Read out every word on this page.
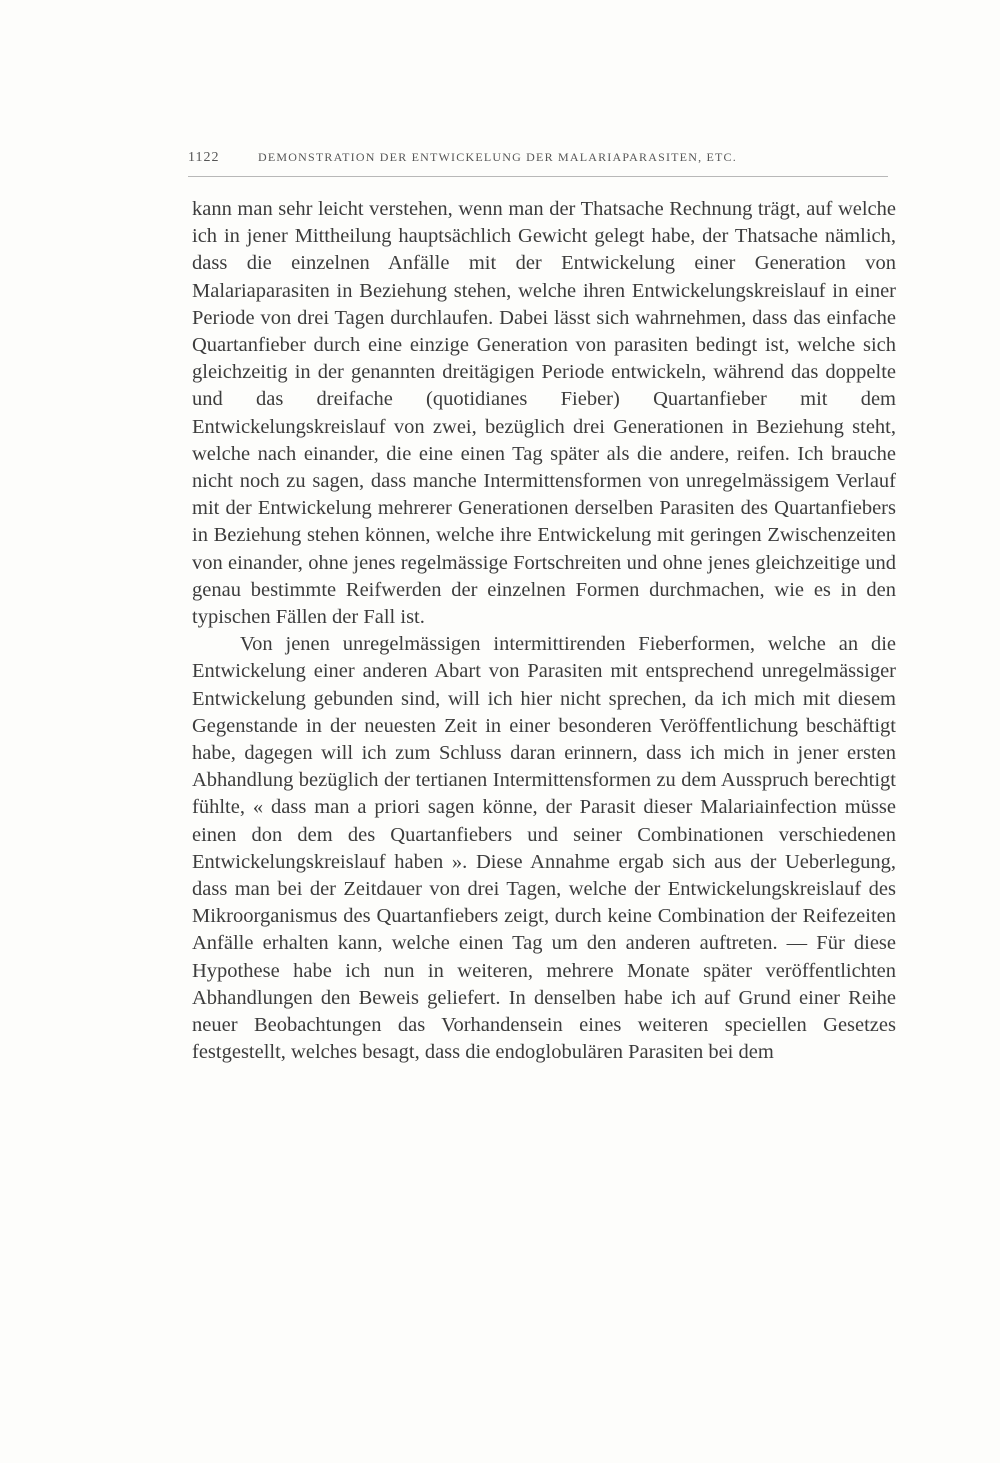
1122	DEMONSTRATION DER ENTWICKELUNG DER MALARIAPARASITEN, ETC.

kann man sehr leicht verstehen, wenn man der Thatsache Rechnung trägt, auf welche ich in jener Mittheilung hauptsächlich Gewicht gelegt habe, der Thatsache nämlich, dass die einzelnen Anfälle mit der Entwickelung einer Generation von Malariaparasiten in Beziehung stehen, welche ihren Entwickelungskreislauf in einer Periode von drei Tagen durchlaufen. Dabei lässt sich wahrnehmen, dass das einfache Quartanfieber durch eine einzige Generation von parasiten bedingt ist, welche sich gleichzeitig in der genannten dreitägigen Periode entwickeln, während das doppelte und das dreifache (quotidianes Fieber) Quartanfieber mit dem Entwickelungskreislauf von zwei, bezüglich drei Generationen in Beziehung steht, welche nach einander, die eine einen Tag später als die andere, reifen. Ich brauche nicht noch zu sagen, dass manche Intermittensformen von unregelmässigem Verlauf mit der Entwickelung mehrerer Generationen derselben Parasiten des Quartanfiebers in Beziehung stehen können, welche ihre Entwickelung mit geringen Zwischenzeiten von einander, ohne jenes regelmässige Fortschreiten und ohne jenes gleichzeitige und genau bestimmte Reifwerden der einzelnen Formen durchmachen, wie es in den typischen Fällen der Fall ist.

Von jenen unregelmässigen intermittirenden Fieberformen, welche an die Entwickelung einer anderen Abart von Parasiten mit entsprechend unregelmässiger Entwickelung gebunden sind, will ich hier nicht sprechen, da ich mich mit diesem Gegenstande in der neuesten Zeit in einer besonderen Veröffentlichung beschäftigt habe, dagegen will ich zum Schluss daran erinnern, dass ich mich in jener ersten Abhandlung bezüglich der tertianen Intermittensformen zu dem Ausspruch berechtigt fühlte, « dass man a priori sagen könne, der Parasit dieser Malariainfection müsse einen don dem des Quartanfiebers und seiner Combinationen verschiedenen Entwickelungskreislauf haben ». Diese Annahme ergab sich aus der Ueberlegung, dass man bei der Zeitdauer von drei Tagen, welche der Entwickelungskreislauf des Mikroorganismus des Quartanfiebers zeigt, durch keine Combination der Reifezeiten Anfälle erhalten kann, welche einen Tag um den anderen auftreten. — Für diese Hypothese habe ich nun in weiteren, mehrere Monate später veröffentlichten Abhandlungen den Beweis geliefert. In denselben habe ich auf Grund einer Reihe neuer Beobachtungen das Vorhandensein eines weiteren speciellen Gesetzes festgestellt, welches besagt, dass die endoglobulären Parasiten bei dem
